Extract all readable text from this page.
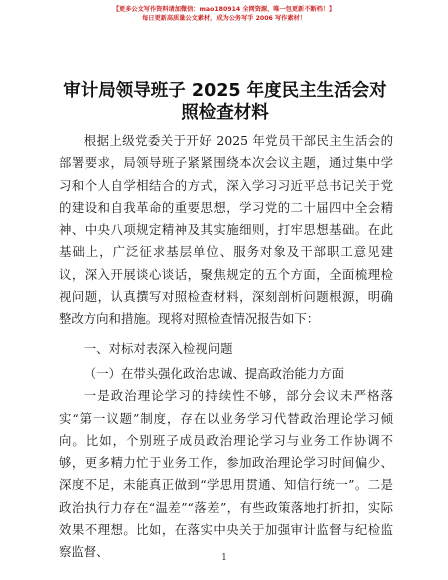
【更多公文写作资料请加微信：mao180914 全网资源，唯一包更新不断档！】
每日更新高质量公文素材，成为公务写手 2006 写作素材！
审计局领导班子 2025 年度民主生活会对照检查材料

根据上级党委关于开好 2025 年党员干部民主生活会的部署要求，局领导班子紧紧围绕本次会议主题，通过集中学习和个人自学相结合的方式，深入学习习近平总书记关于党的建设和自我革命的重要思想，学习党的二十届四中全会精神、中央八项规定精神及其实施细则，打牢思想基础。在此基础上，广泛征求基层单位、服务对象及干部职工意见建议，深入开展谈心谈话，聚焦规定的五个方面，全面梳理检视问题，认真撰写对照检查材料，深刻剖析问题根源，明确整改方向和措施。现将对照检查情况报告如下：

一、对标对表深入检视问题

（一）在带头强化政治忠诚、提高政治能力方面

一是政治理论学习的持续性不够，部分会议未严格落实“第一议题”制度，存在以业务学习代替政治理论学习倾向。比如，个别班子成员政治理论学习与业务工作协调不够，更多精力忙于业务工作，参加政治理论学习时间偏少、深度不足，未能真正做到“学思用贯通、知信行统一”。二是政治执行力存在“温差”“落差”，有些政策落地打折扣，实际效果不理想。比如，在落实中央关于加强审计监督与纪检监察监督、	1
